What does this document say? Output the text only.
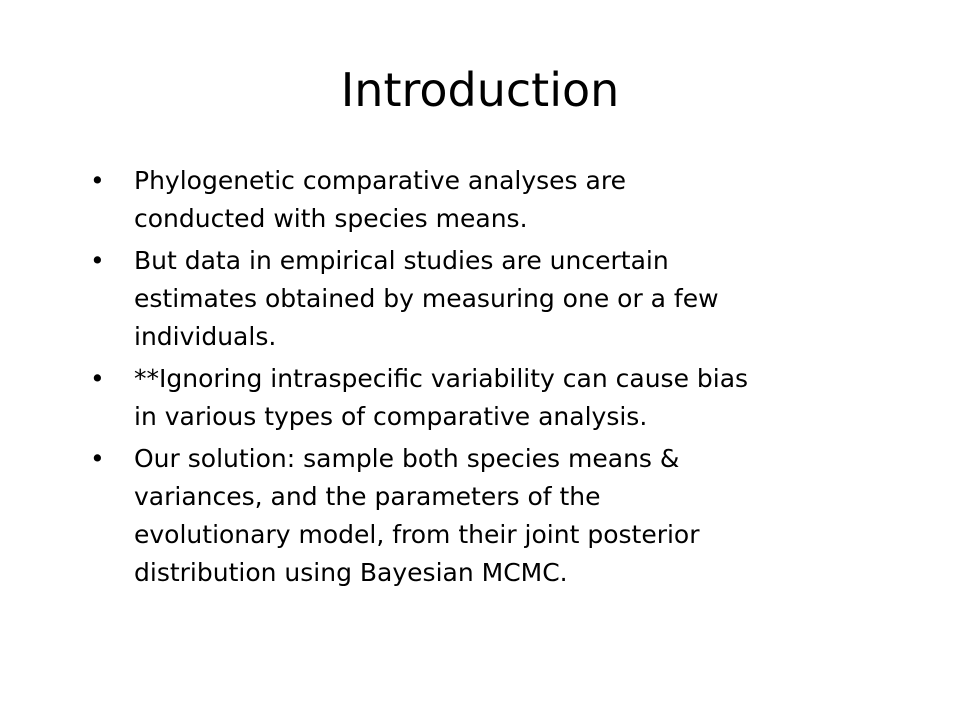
Introduction
• Phylogenetic comparative analyses are
conducted with species means.
• But data in empirical studies are uncertain
estimates obtained by measuring one or a few
individuals.
• **Ignoring intraspecific variability can cause bias
in various types of comparative analysis.
• Our solution: sample both species means &
variances, and the parameters of the
evolutionary model, from their joint posterior
distribution using Bayesian MCMC.
